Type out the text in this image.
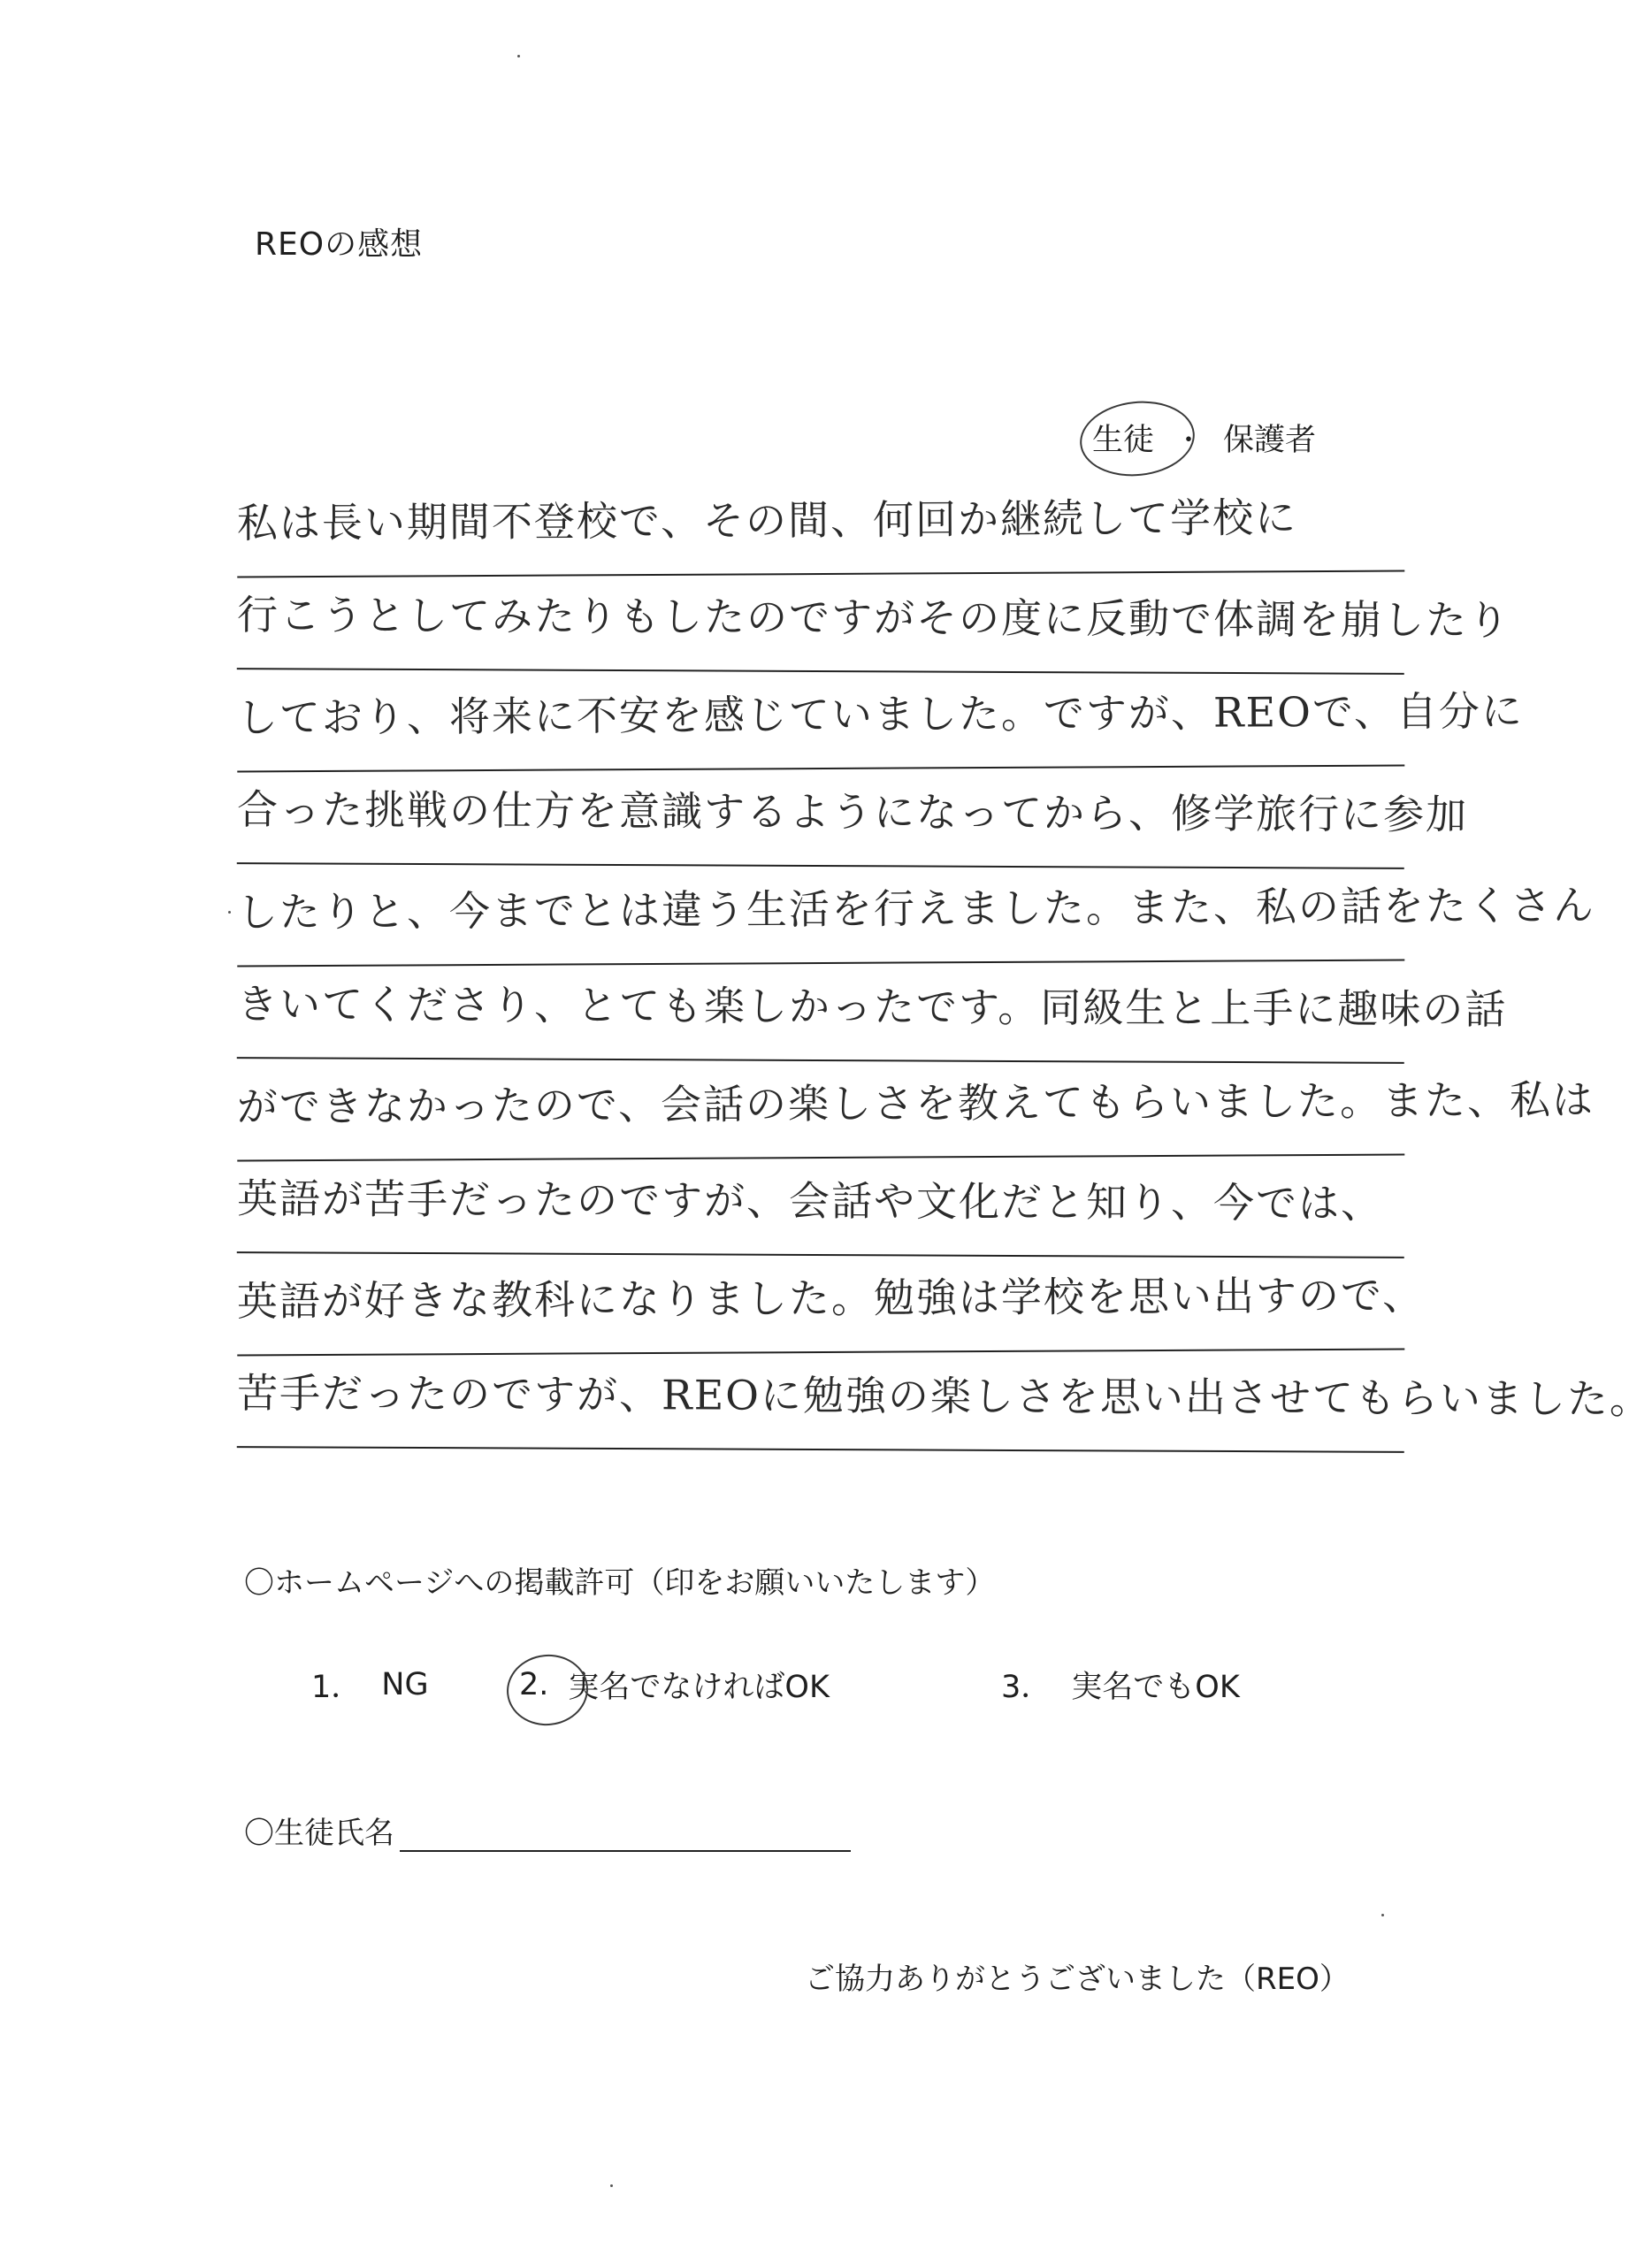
REOの感想
生徒 ・ 保護者
私は長い期間不登校で、その間、何回か継続して学校に
行こうとしてみたりもしたのですがその度に反動で体調を崩したり
しており、将来に不安を感じていました。ですが、REOで、自分に
合った挑戦の仕方を意識するようになってから、修学旅行に参加
したりと、今までとは違う生活を行えました。また、私の話をたくさん
きいてくださり、とても楽しかったです。同級生と上手に趣味の話
ができなかったので、会話の楽しさを教えてもらいました。また、私は
英語が苦手だったのですが、会話や文化だと知り、今では、
英語が好きな教科になりました。勉強は学校を思い出すので、
苦手だったのですが、REOに勉強の楽しさを思い出させてもらいました。

〇ホームページへの掲載許可（印をお願いいたします）

1． NG	2. 実名でなければOK	3． 実名でもOK
〇生徒氏名

ご協力ありがとうございました（REO）
